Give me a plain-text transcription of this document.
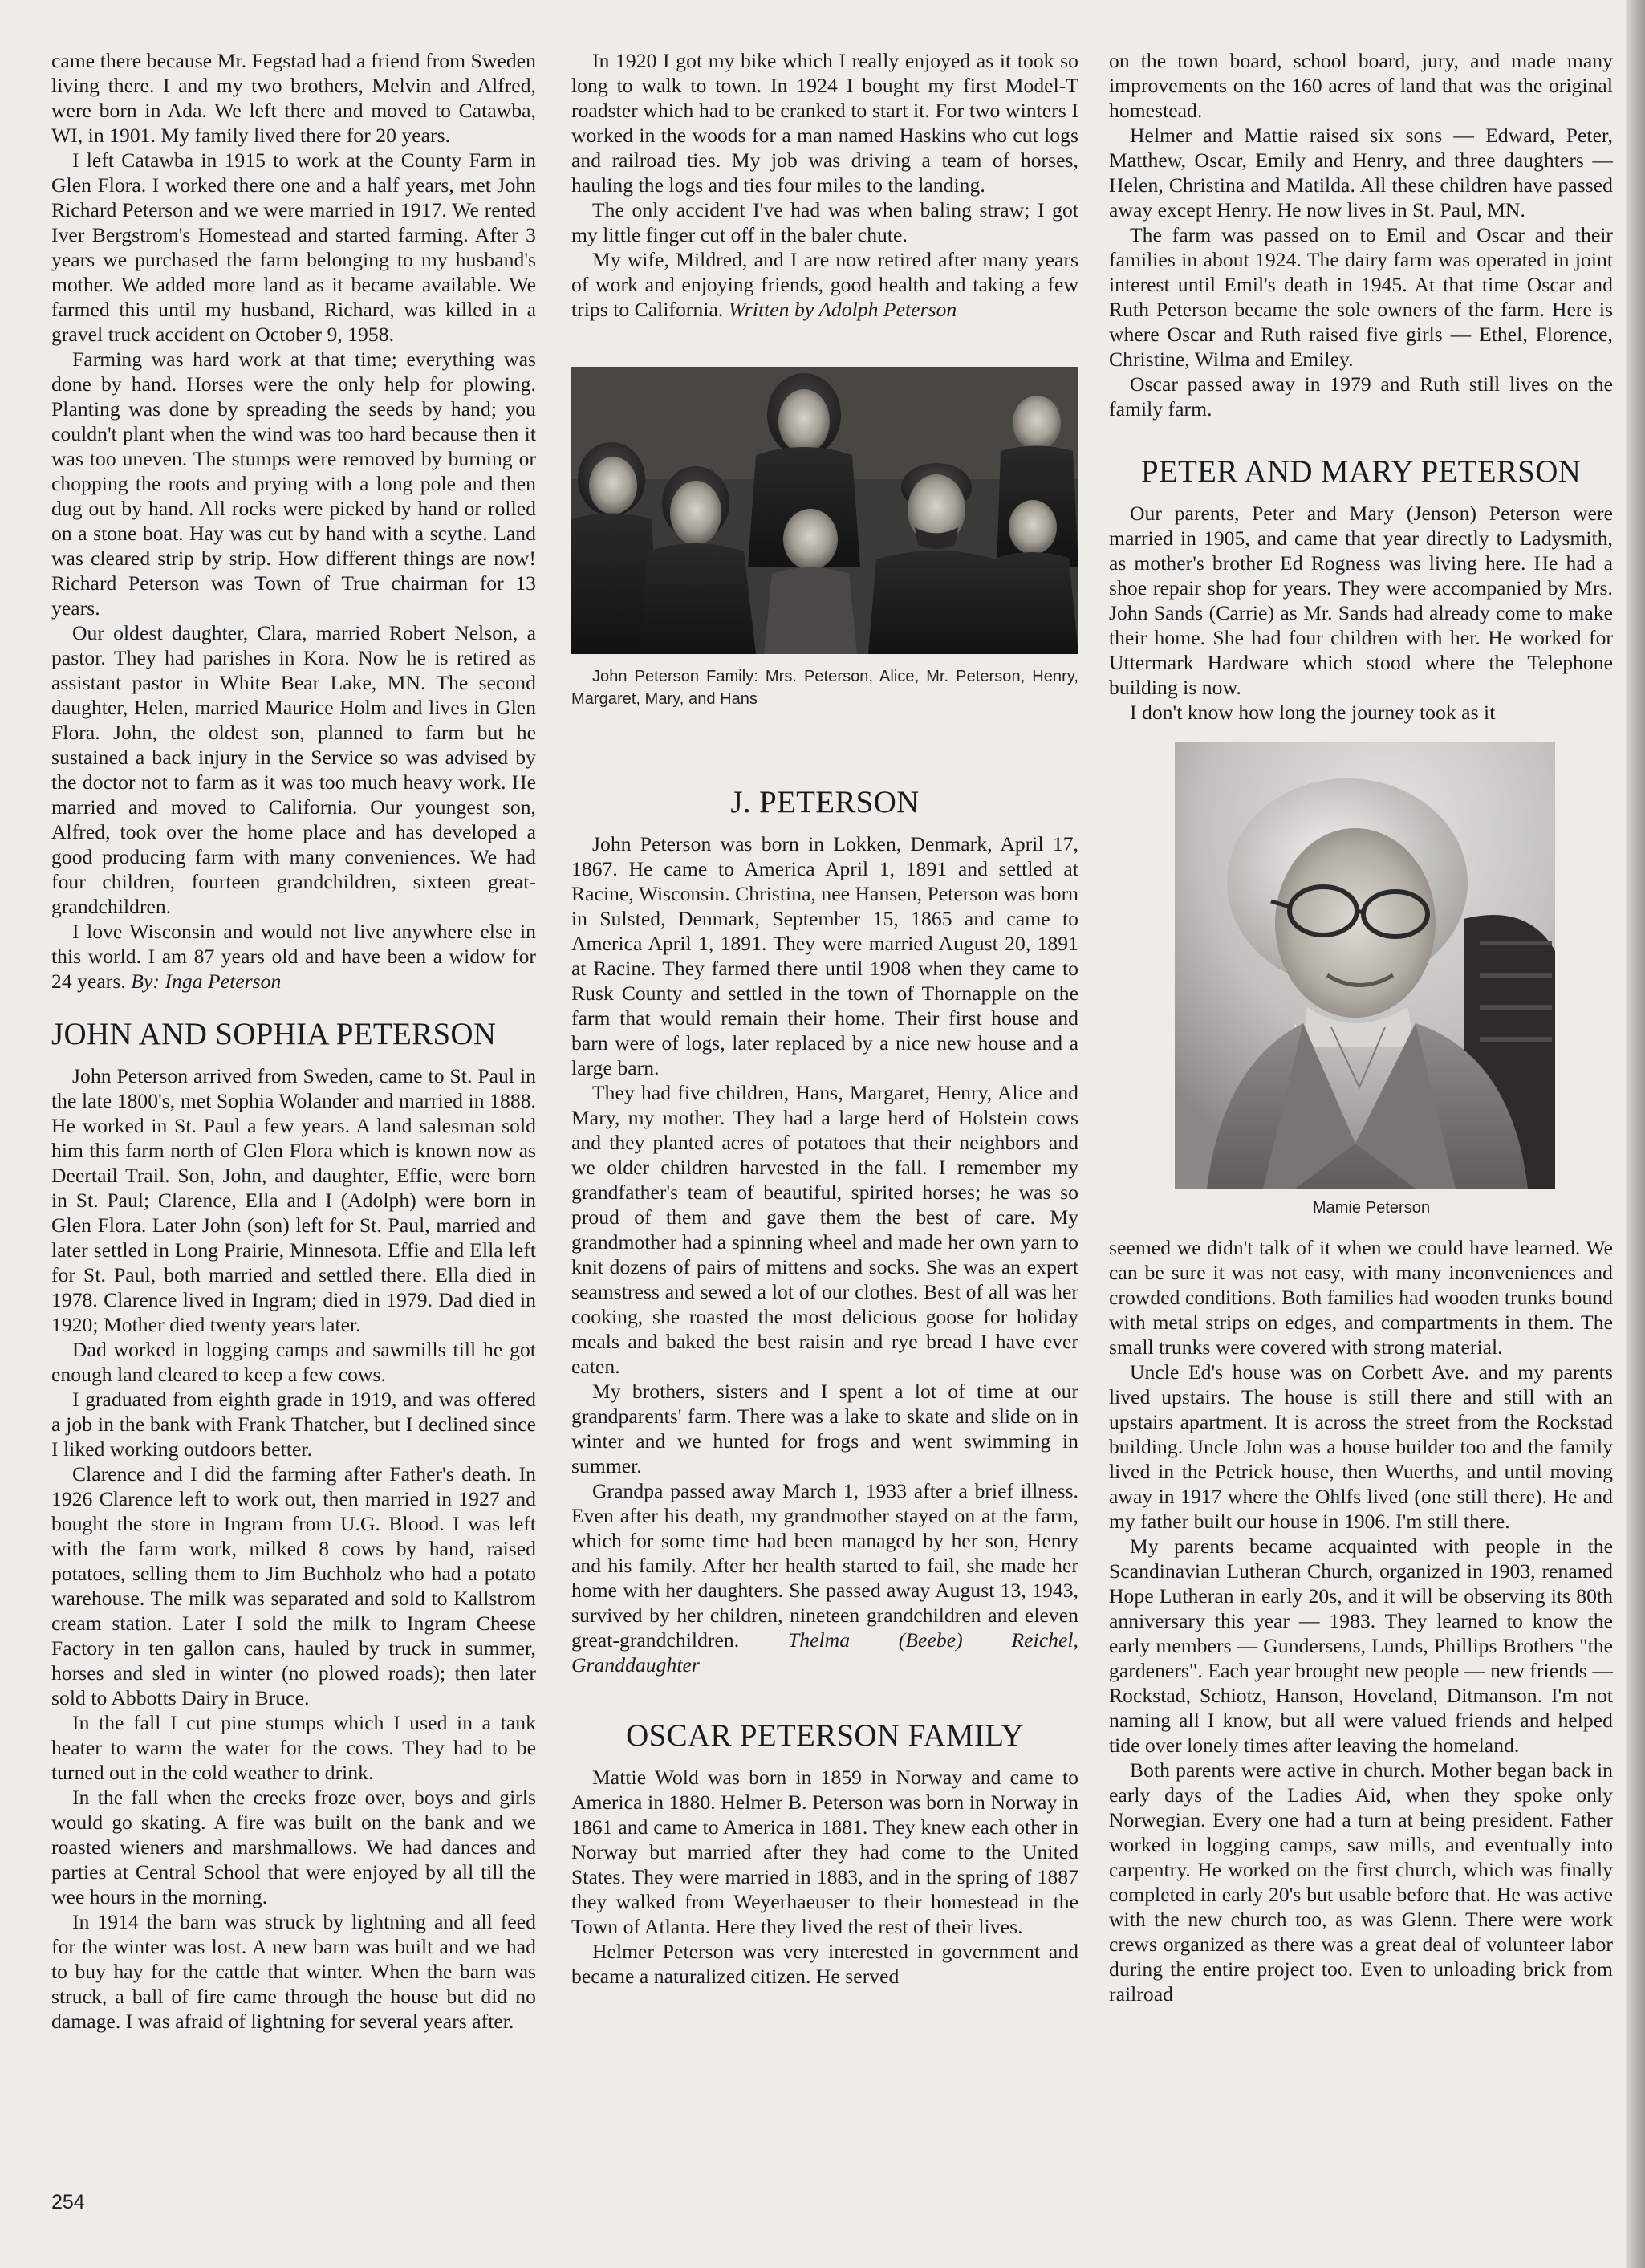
came there because Mr. Fegstad had a friend from Sweden living there. I and my two brothers, Melvin and Alfred, were born in Ada. We left there and moved to Catawba, WI, in 1901. My family lived there for 20 years.

I left Catawba in 1915 to work at the County Farm in Glen Flora. I worked there one and a half years, met John Richard Peterson and we were married in 1917. We rented Iver Bergstrom's Homestead and started farming. After 3 years we purchased the farm belonging to my husband's mother. We added more land as it became available. We farmed this until my husband, Richard, was killed in a gravel truck accident on October 9, 1958.

Farming was hard work at that time; everything was done by hand. Horses were the only help for plowing. Planting was done by spreading the seeds by hand; you couldn't plant when the wind was too hard because then it was too uneven. The stumps were removed by burning or chopping the roots and prying with a long pole and then dug out by hand. All rocks were picked by hand or rolled on a stone boat. Hay was cut by hand with a scythe. Land was cleared strip by strip. How different things are now! Richard Peterson was Town of True chairman for 13 years.

Our oldest daughter, Clara, married Robert Nelson, a pastor. They had parishes in Kora. Now he is retired as assistant pastor in White Bear Lake, MN. The second daughter, Helen, married Maurice Holm and lives in Glen Flora. John, the oldest son, planned to farm but he sustained a back injury in the Service so was advised by the doctor not to farm as it was too much heavy work. He married and moved to California. Our youngest son, Alfred, took over the home place and has developed a good producing farm with many conveniences. We had four children, fourteen grandchildren, sixteen great-grandchildren.

I love Wisconsin and would not live anywhere else in this world. I am 87 years old and have been a widow for 24 years. By: Inga Peterson

JOHN AND SOPHIA PETERSON

John Peterson arrived from Sweden, came to St. Paul in the late 1800's, met Sophia Wolander and married in 1888. He worked in St. Paul a few years. A land salesman sold him this farm north of Glen Flora which is known now as Deertail Trail. Son, John, and daughter, Effie, were born in St. Paul; Clarence, Ella and I (Adolph) were born in Glen Flora. Later John (son) left for St. Paul, married and later settled in Long Prairie, Minnesota. Effie and Ella left for St. Paul, both married and settled there. Ella died in 1978. Clarence lived in Ingram; died in 1979. Dad died in 1920; Mother died twenty years later.

Dad worked in logging camps and sawmills till he got enough land cleared to keep a few cows.

I graduated from eighth grade in 1919, and was offered a job in the bank with Frank Thatcher, but I declined since I liked working outdoors better.

Clarence and I did the farming after Father's death. In 1926 Clarence left to work out, then married in 1927 and bought the store in Ingram from U.G. Blood. I was left with the farm work, milked 8 cows by hand, raised potatoes, selling them to Jim Buchholz who had a potato warehouse. The milk was separated and sold to Kallstrom cream station. Later I sold the milk to Ingram Cheese Factory in ten gallon cans, hauled by truck in summer, horses and sled in winter (no plowed roads); then later sold to Abbotts Dairy in Bruce.

In the fall I cut pine stumps which I used in a tank heater to warm the water for the cows. They had to be turned out in the cold weather to drink.

In the fall when the creeks froze over, boys and girls would go skating. A fire was built on the bank and we roasted wieners and marshmallows. We had dances and parties at Central School that were enjoyed by all till the wee hours in the morning.

In 1914 the barn was struck by lightning and all feed for the winter was lost. A new barn was built and we had to buy hay for the cattle that winter. When the barn was struck, a ball of fire came through the house but did no damage. I was afraid of lightning for several years after.

In 1920 I got my bike which I really enjoyed as it took so long to walk to town. In 1924 I bought my first Model-T roadster which had to be cranked to start it. For two winters I worked in the woods for a man named Haskins who cut logs and railroad ties. My job was driving a team of horses, hauling the logs and ties four miles to the landing.

The only accident I've had was when baling straw; I got my little finger cut off in the baler chute.

My wife, Mildred, and I are now retired after many years of work and enjoying friends, good health and taking a few trips to California. Written by Adolph Peterson

John Peterson Family: Mrs. Peterson, Alice, Mr. Peterson, Henry, Margaret, Mary, and Hans

J. PETERSON

John Peterson was born in Lokken, Denmark, April 17, 1867. He came to America April 1, 1891 and settled at Racine, Wisconsin. Christina, nee Hansen, Peterson was born in Sulsted, Denmark, September 15, 1865 and came to America April 1, 1891. They were married August 20, 1891 at Racine. They farmed there until 1908 when they came to Rusk County and settled in the town of Thornapple on the farm that would remain their home. Their first house and barn were of logs, later replaced by a nice new house and a large barn.

They had five children, Hans, Margaret, Henry, Alice and Mary, my mother. They had a large herd of Holstein cows and they planted acres of potatoes that their neighbors and we older children harvested in the fall. I remember my grandfather's team of beautiful, spirited horses; he was so proud of them and gave them the best of care. My grandmother had a spinning wheel and made her own yarn to knit dozens of pairs of mittens and socks. She was an expert seamstress and sewed a lot of our clothes. Best of all was her cooking, she roasted the most delicious goose for holiday meals and baked the best raisin and rye bread I have ever eaten.

My brothers, sisters and I spent a lot of time at our grandparents' farm. There was a lake to skate and slide on in winter and we hunted for frogs and went swimming in summer.

Grandpa passed away March 1, 1933 after a brief illness. Even after his death, my grandmother stayed on at the farm, which for some time had been managed by her son, Henry and his family. After her health started to fail, she made her home with her daughters. She passed away August 13, 1943, survived by her children, nineteen grandchildren and eleven great-grandchildren. Thelma (Beebe) Reichel, Granddaughter

OSCAR PETERSON FAMILY

Mattie Wold was born in 1859 in Norway and came to America in 1880. Helmer B. Peterson was born in Norway in 1861 and came to America in 1881. They knew each other in Norway but married after they had come to the United States. They were married in 1883, and in the spring of 1887 they walked from Weyerhaeuser to their homestead in the Town of Atlanta. Here they lived the rest of their lives.

Helmer Peterson was very interested in government and became a naturalized citizen. He served

on the town board, school board, jury, and made many improvements on the 160 acres of land that was the original homestead.

Helmer and Mattie raised six sons — Edward, Peter, Matthew, Oscar, Emily and Henry, and three daughters — Helen, Christina and Matilda. All these children have passed away except Henry. He now lives in St. Paul, MN.

The farm was passed on to Emil and Oscar and their families in about 1924. The dairy farm was operated in joint interest until Emil's death in 1945. At that time Oscar and Ruth Peterson became the sole owners of the farm. Here is where Oscar and Ruth raised five girls — Ethel, Florence, Christine, Wilma and Emiley.

Oscar passed away in 1979 and Ruth still lives on the family farm.

PETER AND MARY PETERSON

Our parents, Peter and Mary (Jenson) Peterson were married in 1905, and came that year directly to Ladysmith, as mother's brother Ed Rogness was living here. He had a shoe repair shop for years. They were accompanied by Mrs. John Sands (Carrie) as Mr. Sands had already come to make their home. She had four children with her. He worked for Uttermark Hardware which stood where the Telephone building is now.

I don't know how long the journey took as it

Mamie Peterson

seemed we didn't talk of it when we could have learned. We can be sure it was not easy, with many inconveniences and crowded conditions. Both families had wooden trunks bound with metal strips on edges, and compartments in them. The small trunks were covered with strong material.

Uncle Ed's house was on Corbett Ave. and my parents lived upstairs. The house is still there and still with an upstairs apartment. It is across the street from the Rockstad building. Uncle John was a house builder too and the family lived in the Petrick house, then Wuerths, and until moving away in 1917 where the Ohlfs lived (one still there). He and my father built our house in 1906. I'm still there.

My parents became acquainted with people in the Scandinavian Lutheran Church, organized in 1903, renamed Hope Lutheran in early 20s, and it will be observing its 80th anniversary this year — 1983. They learned to know the early members — Gundersens, Lunds, Phillips Brothers "the gardeners". Each year brought new people — new friends — Rockstad, Schiotz, Hanson, Hoveland, Ditmanson. I'm not naming all I know, but all were valued friends and helped tide over lonely times after leaving the homeland.

Both parents were active in church. Mother began back in early days of the Ladies Aid, when they spoke only Norwegian. Every one had a turn at being president. Father worked in logging camps, saw mills, and eventually into carpentry. He worked on the first church, which was finally completed in early 20's but usable before that. He was active with the new church too, as was Glenn. There were work crews organized as there was a great deal of volunteer labor during the entire project too. Even to unloading brick from railroad

254
